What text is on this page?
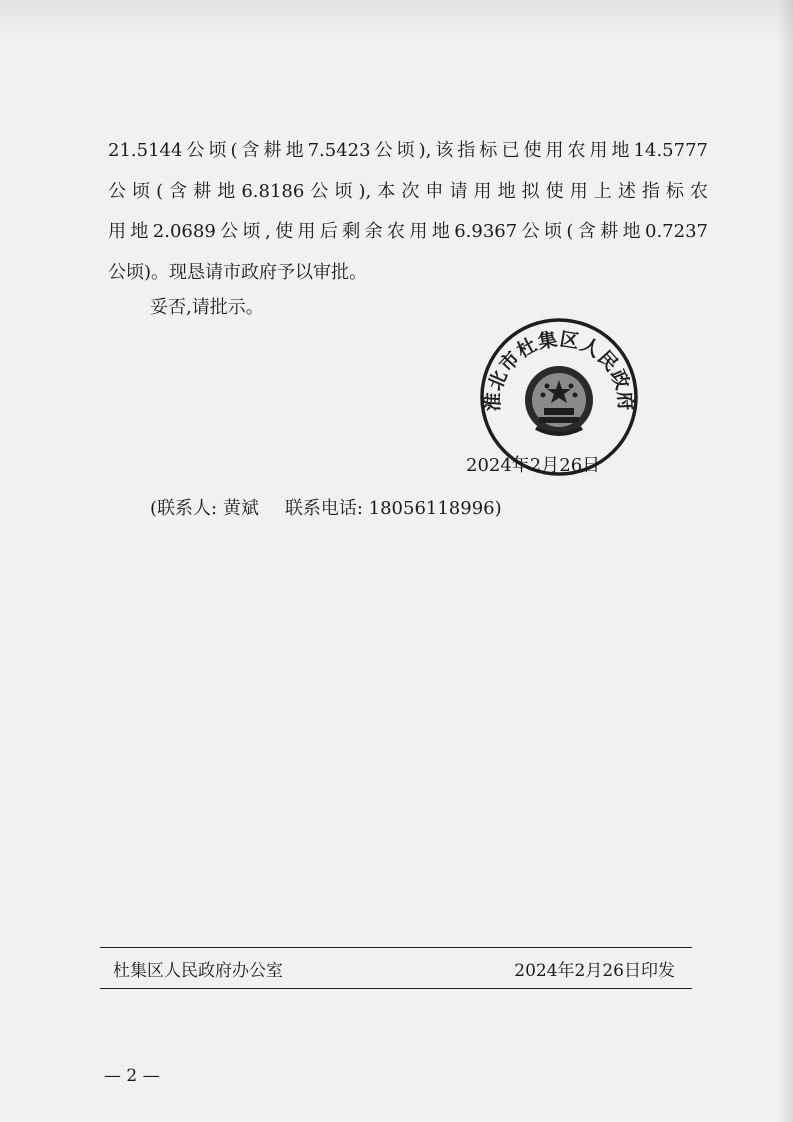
21.5144公顷(含耕地7.5423公顷),该指标已使用农用地14.5777
公顷(含耕地6.8186公顷),本次申请用地拟使用上述指标农
用地2.0689公顷,使用后剩余农用地6.9367公顷(含耕地0.7237
公顷)。现恳请市政府予以审批。
妥否,请批示。
淮北市杜集区人民政府
2024年2月26日
(联系人: 黄斌 联系电话: 18056118996)
杜集区人民政府办公室	2024年2月26日印发
— 2 —
